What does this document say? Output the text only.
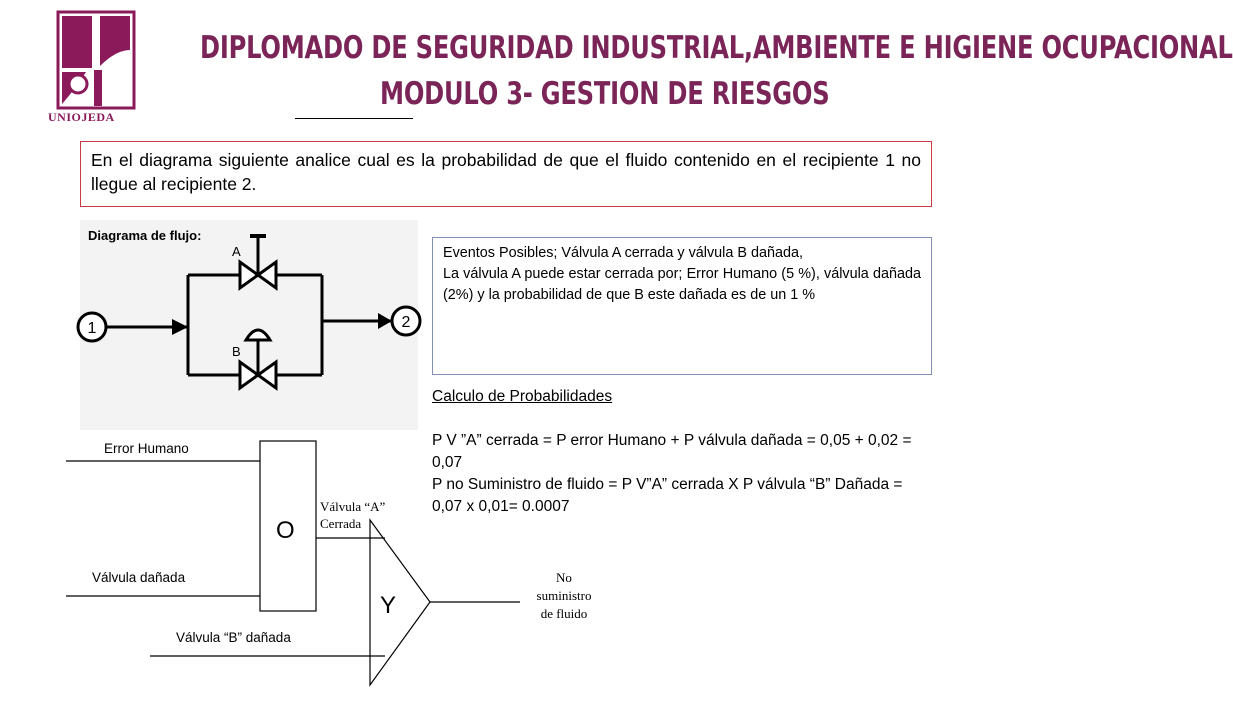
UNIOJEDA
DIPLOMADO DE SEGURIDAD INDUSTRIAL,AMBIENTE E HIGIENE OCUPACIONAL
MODULO 3- GESTION DE RIESGOS
En el diagrama siguiente analice cual es la probabilidad de que el fluido contenido en el recipiente 1 no llegue al recipiente 2.
Diagrama de flujo:
1	2
A
B

Eventos Posibles; Válvula A cerrada y válvula B dañada,

La válvula A puede estar cerrada por; Error Humano (5 %), válvula dañada (2%) y la probabilidad de que B este dañada es de un 1 %

Calculo de Probabilidades

P V ”A” cerrada = P error Humano + P válvula dañada = 0,05 + 0,02 = 0,07

P no Suministro de fluido = P V”A” cerrada X P válvula “B” Dañada = 0,07 x 0,01= 0.0007

Error Humano
Válvula dañada
Válvula “B” dañada
O
Y
Válvula “A”
Cerrada
No
suministro
de fluido
